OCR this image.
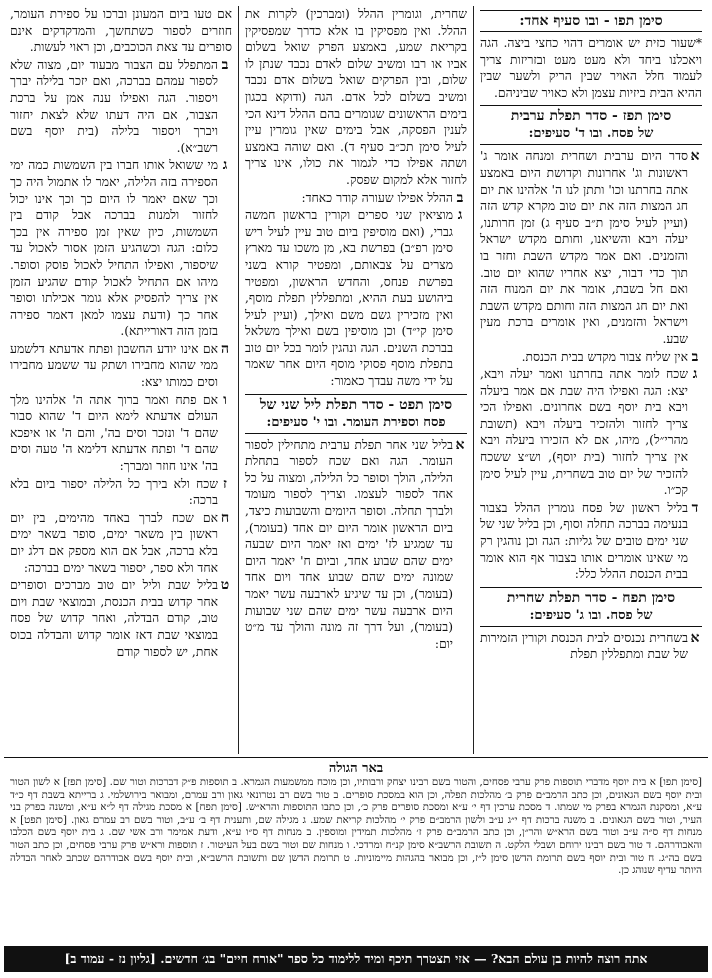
סימן תפו - ובו סעיף אחד:
*שעור כזית יש אומרים דהוי כחצי ביצה. הגה ויאכלנו ביחד ולא מעט מעט ובזריזות צריך לעמוד חלל האויר שבין הריק ולשער שבין ההיא הבית ביזיות עצמן ולא כאויר שביניהם.
סימן תפז - סדר תפלת ערבית
של פסח. ובו ד' סעיפים:
א
סדר היום ערבית ושחרית ומנחה אומר ג' ראשונות וג' אחרונות וקדושת היום באמצע אתה בחרתנו וכו' ותתן לנו ה' אלהינו את יום חג המצות הזה את יום טוב מקרא קדש הזה (ועיין לעיל סימן ת״ב סעיף ג) זמן חרותנו, יעלה ויבא והשיאנו, וחותם מקדש ישראל והזמנים. ואם אמר מקדש השבת וחזר בו תוך כדי דבור, יצא אחריו שהוא יום טוב. ואם חל בשבת, אומר את יום המנוח הזה ואת יום חג המצות הזה וחותם מקדש השבת וישראל והזמנים, ואין אומרים ברכת מעין שבע.
ב
אין שליח צבור מקדש בבית הכנסת.
ג
שכח לומר אתה בחרתנו ואמר יעלה ויבא, יצא: הגה ואפילו היה שבת אם אמר ביעלה ויבא בית יוסף בשם אחרונים. ואפילו הכי צריך לחזור ולהזכיר ביעלה ויבא (תשובת מהרי״ל), מיהו, אם לא הזכירו ביעלה ויבא אין צריך לחזור (בית יוסף), וש״צ ששכח להזכיר של יום טוב בשחרית, עיין לעיל סימן קכ״ו.
ד
בליל ראשון של פסח גומרין ההלל בצבור בנעימה בברכה תחלה וסוף, וכן בליל שני של שני ימים טובים של גליות: הגה וכן נוהגין רק מי שאינו אומרים אותו בצבור אף הוא אומר בבית הכנסת ההלל כלל:
סימן תפח - סדר תפלת שחרית
של פסח. ובו ג' סעיפים:
א
בשחרית נכנסים לבית הכנסת וקורין הזמירות של שבת ומתפללין תפלת
שחרית, וגומרין ההלל (ומברכין) לקרות את ההלל. ואין מפסיקין בו אלא כדרך שמפסיקין בקריאת שמע, באמצע הפרק שואל בשלום אביו או רבו ומשיב שלום לאדם נכבד שנתן לו שלום, ובין הפרקים שואל בשלום אדם נכבד ומשיב בשלום לכל אדם. הגה (ודוקא בכגון בימים הראשונים שגומרים בהם ההלל דינא הכי לענין הפסקה, אבל בימים שאין גומרין עיין לעיל סימן תכ״ב סעיף ד). ואם שוהה באמצע ושתה אפילו כדי לגמור את כולו, אינו צריך לחזור אלא למקום שפסק.
ב
ההלל אפילו שעורה קודר כאחד:
ג
מוציאין שני ספרים וקורין בראשון חמשה גברי, (ואם מוסיפין ביום טוב עיין לעיל ריש סימן רפ״ב) בפרשת בא, מן משכו עד מארץ מצרים על צבאותם, ומפטיר קורא בשני בפרשת פנחס, והחדש הראשון, ומפטיר ביהושע בעת ההיא, ומתפללין תפלת מוסף, ואין מזכירין גשם משם ואילך, (ועיין לעיל סימן קי״ד) וכן מוסיפין בשם ואילך משלאל בברכת השנים. הגה ונהגין לומר בכל יום טוב בתפלת מוסף פסוקי מוסף היום אחר שאמר על ידי משה עבדך כאמור:
סימן תפט - סדר תפלת ליל שני של
פסח וספירת העומר. ובו י' סעיפים:
א
בליל שני אחר תפלת ערבית מתחילין לספור העומר. הגה ואם שכח לספור בתחלת הלילה, הולך וסופר כל הלילה, ומצוה על כל אחד לספור לעצמו. וצריך לספור מעומד ולברך תחלה. וסופר היומים והשבועות כיצד, ביום הראשון אומר היום יום אחד (בעומר), עד שמגיע לז' ימים ואז יאמר היום שבעה ימים שהם שבוע אחד, וביום ח' יאמר היום שמונה ימים שהם שבוע אחד ויום אחד (בעומר), וכן עד שיגיע לארבעה עשר יאמר היום ארבעה עשר ימים שהם שני שבועות (בעומר), ועל דרך זה מונה והולך עד מ״ט יום:
אם טעו ביום המעונן וברכו על ספירת העומר, חוזרים לספור כשתחשך, והמדקדקים אינם סופרים עד צאת הכוכבים, וכן ראוי לעשות.
ב
המתפלל עם הצבור מבעוד יום, מצוה שלא לספור עמהם בברכה, ואם יזכר בלילה יברך ויספור. הגה ואפילו ענה אמן על ברכת הצבור, אם היה דעתו שלא לצאת יחזור ויברך ויספור בלילה (בית יוסף בשם רשב״א).
ג
מי ששואל אותו חברו בין השמשות כמה ימי הספירה בזה הלילה, יאמר לו אתמול היה כך וכך שאם יאמר לו היום כך וכך אינו יכול לחזור ולמנות בברכה אבל קודם בין השמשות, כיון שאין זמן ספירה אין בכך כלום: הגה וכשהגיע הזמן אסור לאכול עד שיספור, ואפילו התחיל לאכול פוסק וסופר. מיהו אם התחיל לאכול קודם שהגיע הזמן אין צריך להפסיק אלא גומר אכילתו וסופר אחר כך (ודעת עצמו למאן דאמר ספירה בזמן הזה דאורייתא).
ה
אם אינו יודע החשבון ופתח אדעתא דלשמע ממי שהוא מחבירו ושתק עד ששמע מחבירו וסים כמותו יצא:
ו
אם פתח ואמר ברוך אתה ה' אלהינו מלך העולם אדעתא לימא היום ד' שהוא סבור שהם ד' ונזכר וסים בה', והם ה' או איפכא שהם ד' ופתח אדעתא דלימא ה' טעה וסים בה' אינו חוזר ומברך:
ז
שכח ולא בירך כל הלילה יספור ביום בלא ברכה:
ח
אם שכח לברך באחד מהימים, בין יום ראשון בין משאר ימים, סופר בשאר ימים בלא ברכה, אבל אם הוא מספק אם דלג יום אחד ולא ספר, יספור בשאר ימים בברכה:
ט
בליל שבת וליל יום טוב מברכים וסופרים אחר קדוש בבית הכנסת, ובמוצאי שבת ויום טוב, קודם הבדלה, ואחר קדוש של פסח במוצאי שבת דאז אומר קדוש והבדלה בכוס אחת, יש לספור קודם
באר הגולה
[סימן תפו] א בית יוסף מדברי תוספות פרק ערבי פסחים, והטור בשם רבינו יצחק ורבותיו, וכן מוכח ממשמעות הגמרא. ב תוספות פ״ק דברכות וטור שם. [סימן תפז] א לשון הטור ובית יוסף בשם הגאונים, וכן כתב הרמב״ם פרק ב׳ מהלכות תפלה, וכן הוא במסכת סופרים. ב טור בשם רב נטרונאי גאון ורב עמרם, ומבואר בירושלמי. ג ברייתא בשבת דף כ״ד ע״א, ומסקנת הגמרא בפרק מי שמתו. ד מסכת ערכין דף י׳ ע״א ומסכת סופרים פרק כ׳, וכן כתבו התוספות והרא״ש. [סימן תפח] א מסכת מגילה דף ל״א ע״א, ומשנה בפרק בני העיר, וטור בשם הגאונים. ב משנה ברכות דף י״ג ע״ב ולשון הרמב״ם פרק י׳ מהלכות קריאת שמע. ג מגילה שם, ותענית דף ב׳ ע״ב, וטור בשם רב עמרם גאון. [סימן תפט] א מנחות דף ס״ה ע״ב וטור בשם הרא״ש והר״ן, וכן כתב הרמב״ם פרק ז׳ מהלכות תמידין ומוספין. ב מנחות דף ס״ו ע״א, ודעת אמימר ורב אשי שם. ג בית יוסף בשם הכלבו והאבודרהם. ד טור בשם רבינו ירוחם ושבלי הלקט. ה תשובת הרשב״א סימן קנ״ח ומרדכי. ו מנחות שם וטור בשם בעל העיטור. ז תוספות ורא״ש פרק ערבי פסחים, וכן כתב הטור בשם בה״ג. ח טור ובית יוסף בשם תרומת הדשן סימן ל״ז, וכן מבואר בהגהות מיימוניות. ט תרומת הדשן שם ותשובת הרשב״א, ובית יוסף בשם אבודרהם שכתב לאחר הבדלה היותר עדיף שנוהג כן.
אתה רוצה להיות בן עולם הבא? — אזי תצטרך תיכף ומיד ללימוד כל ספר "אורח חיים" בג׳ חדשים. [גליון נז - עמוד ב]
